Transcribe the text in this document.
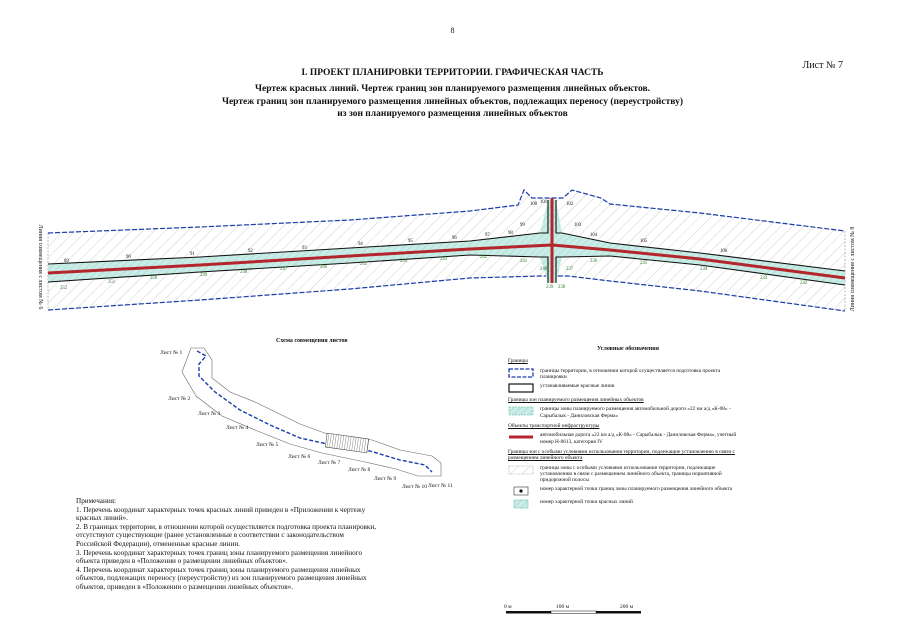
8
Лист № 7
I. ПРОЕКТ ПЛАНИРОВКИ ТЕРРИТОРИИ. ГРАФИЧЕСКАЯ ЧАСТЬ
Чертеж красных линий. Чертеж границ зон планируемого размещения линейных объектов.
Чертеж границ зон планируемого размещения линейных объектов, подлежащих переносу (переустройству)
из зон планируемого размещения линейных объектов
89
90
91
92
93
94
95
96
97	98
99
100 101	102
103
104
105
106
252
251
250
249
248
247	246
245
244	243	242
241
240
239 238
237
236	235
234
233
232
Линия совмещения с листом № 6	Линия совмещения с листом № 8
Схема совмещения листов
Лист № 1
Лист № 2
Лист № 3
Лист № 4
Лист № 5
Лист № 6
Лист № 7
Лист № 8
Лист № 9
Лист № 10 Лист № 11
Условные обозначения
Границы
границы территории, в отношении которой осуществляется подготовка проекта планировки
устанавливаемые красные линии
Границы зон планируемого размещения линейных объектов
границы зоны планируемого размещения автомобильной дороги «22 км а/д «К-08» - Сарыбалык - Даниловская Ферма»
Объекты транспортной инфраструктуры
автомобильная дорога «22 км а/д «К-08» - Сарыбалык - Даниловская Ферма», учетный номер Н-0613, категория IV
Границы зон с особыми условиями использования территории, подлежащие установлению в связи с размещением линейного объекта
границы зоны с особыми условиями использования территории, подлежащие установлению в связи с размещением линейного объекта, границы нормативной придорожной полосы
номер характерной точки границ зоны планируемого размещения линейного объекта
номер характерной точки красных линий
Примечания:
1. Перечень координат характерных точек красных линий приведен в «Приложении к чертежу красных линий».
2. В границах территории, в отношении которой осуществляется подготовка проекта планировки, отсутствуют существующие (ранее установленные в соответствии с законодательством Российской Федерации), отмененные красные линии.
3. Перечень координат характерных точек границ зоны планируемого размещения линейного объекта приведен в «Положении о размещении линейных объектов».
4. Перечень координат характерных точек границ зоны планируемого размещения линейных объектов, подлежащих переносу (переустройству) из зон планируемого размещения линейных объектов, приведен в «Положении о размещении линейных объектов».
0 м	100 м	200 м
